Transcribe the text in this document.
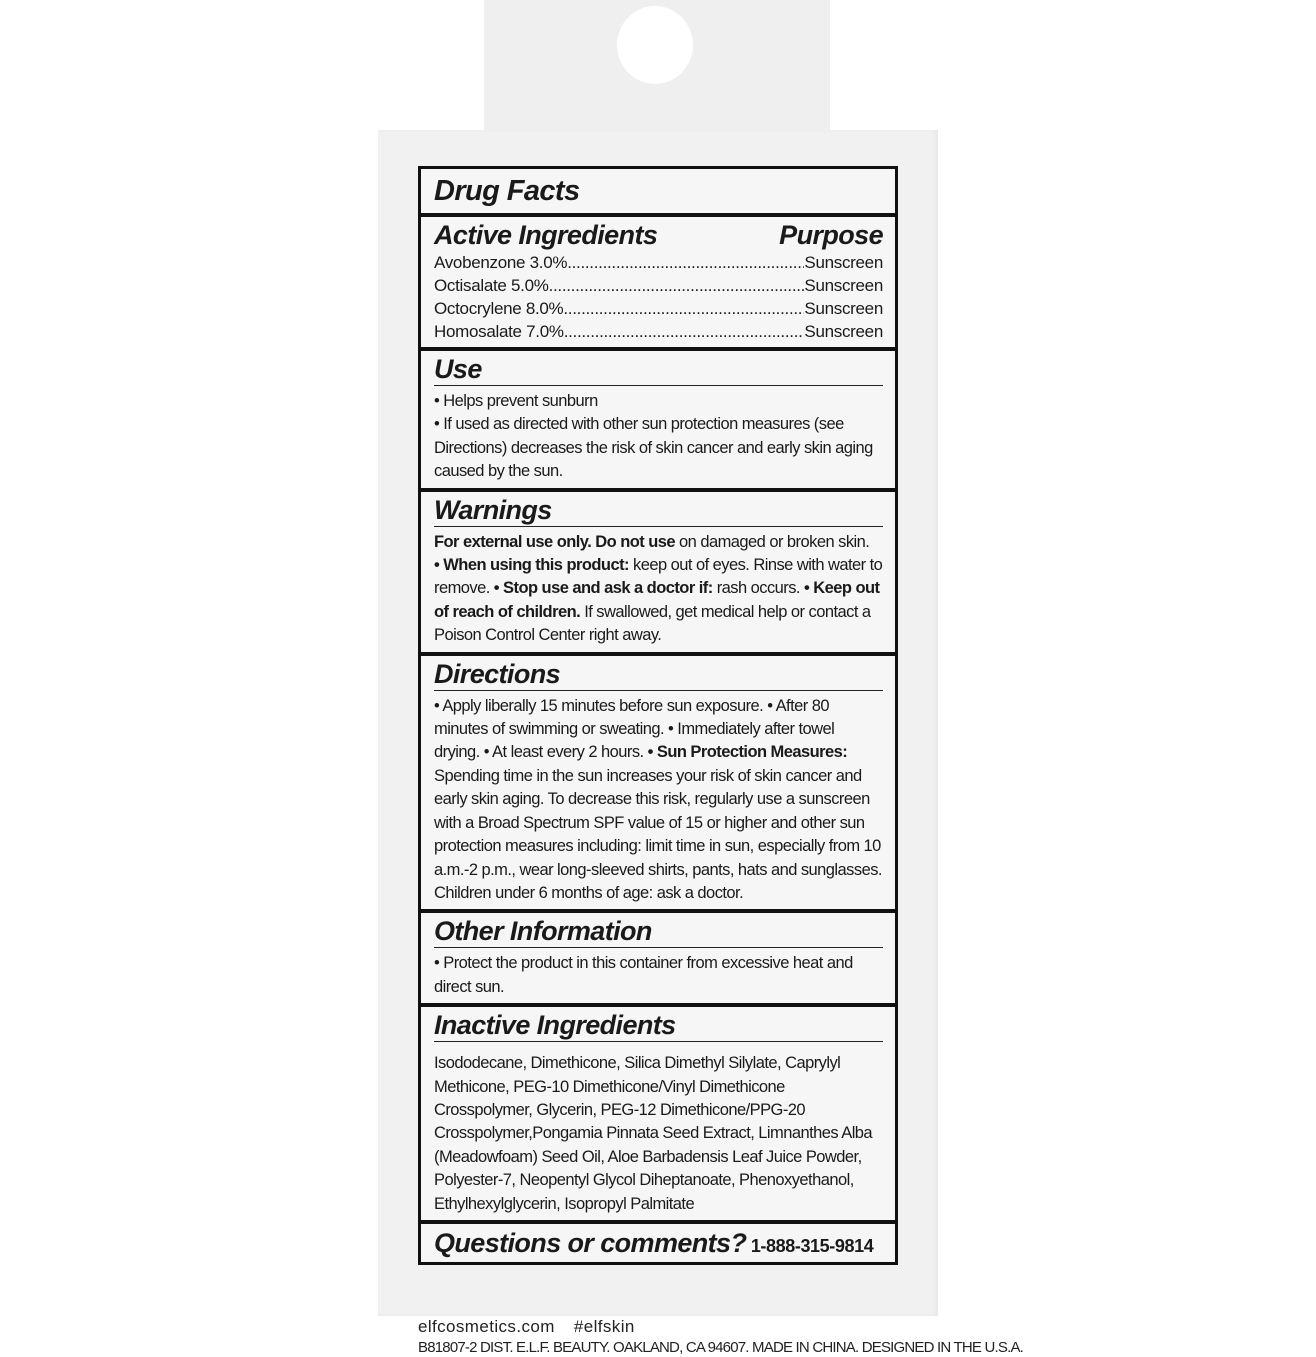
Drug Facts
Active Ingredients	Purpose
Avobenzone 3.0% .....	Sunscreen
Octisalate 5.0% .....	Sunscreen
Octocrylene 8.0% .....	Sunscreen
Homosalate 7.0% .....	Sunscreen
Use
• Helps prevent sunburn
• If used as directed with other sun protection measures (see Directions) decreases the risk of skin cancer and early skin aging caused by the sun.
Warnings
For external use only. Do not use on damaged or broken skin.
• When using this product: keep out of eyes. Rinse with water to remove. • Stop use and ask a doctor if: rash occurs. • Keep out of reach of children. If swallowed, get medical help or contact a Poison Control Center right away.
Directions
• Apply liberally 15 minutes before sun exposure. • After 80 minutes of swimming or sweating. • Immediately after towel drying. • At least every 2 hours. • Sun Protection Measures: Spending time in the sun increases your risk of skin cancer and early skin aging. To decrease this risk, regularly use a sunscreen with a Broad Spectrum SPF value of 15 or higher and other sun protection measures including: limit time in sun, especially from 10 a.m.-2 p.m., wear long-sleeved shirts, pants, hats and sunglasses. Children under 6 months of age: ask a doctor.
Other Information
• Protect the product in this container from excessive heat and direct sun.
Inactive Ingredients
Isododecane, Dimethicone, Silica Dimethyl Silylate, Caprylyl Methicone, PEG-10 Dimethicone/Vinyl Dimethicone Crosspolymer, Glycerin, PEG-12 Dimethicone/PPG-20 Crosspolymer,Pongamia Pinnata Seed Extract, Limnanthes Alba (Meadowfoam) Seed Oil, Aloe Barbadensis Leaf Juice Powder, Polyester-7, Neopentyl Glycol Diheptanoate, Phenoxyethanol, Ethylhexylglycerin, Isopropyl Palmitate
Questions or comments? 1-888-315-9814
elfcosmetics.com #elfskin
B81807-2 DIST. E.L.F. BEAUTY. OAKLAND, CA 94607. MADE IN CHINA. DESIGNED IN THE U.S.A.
